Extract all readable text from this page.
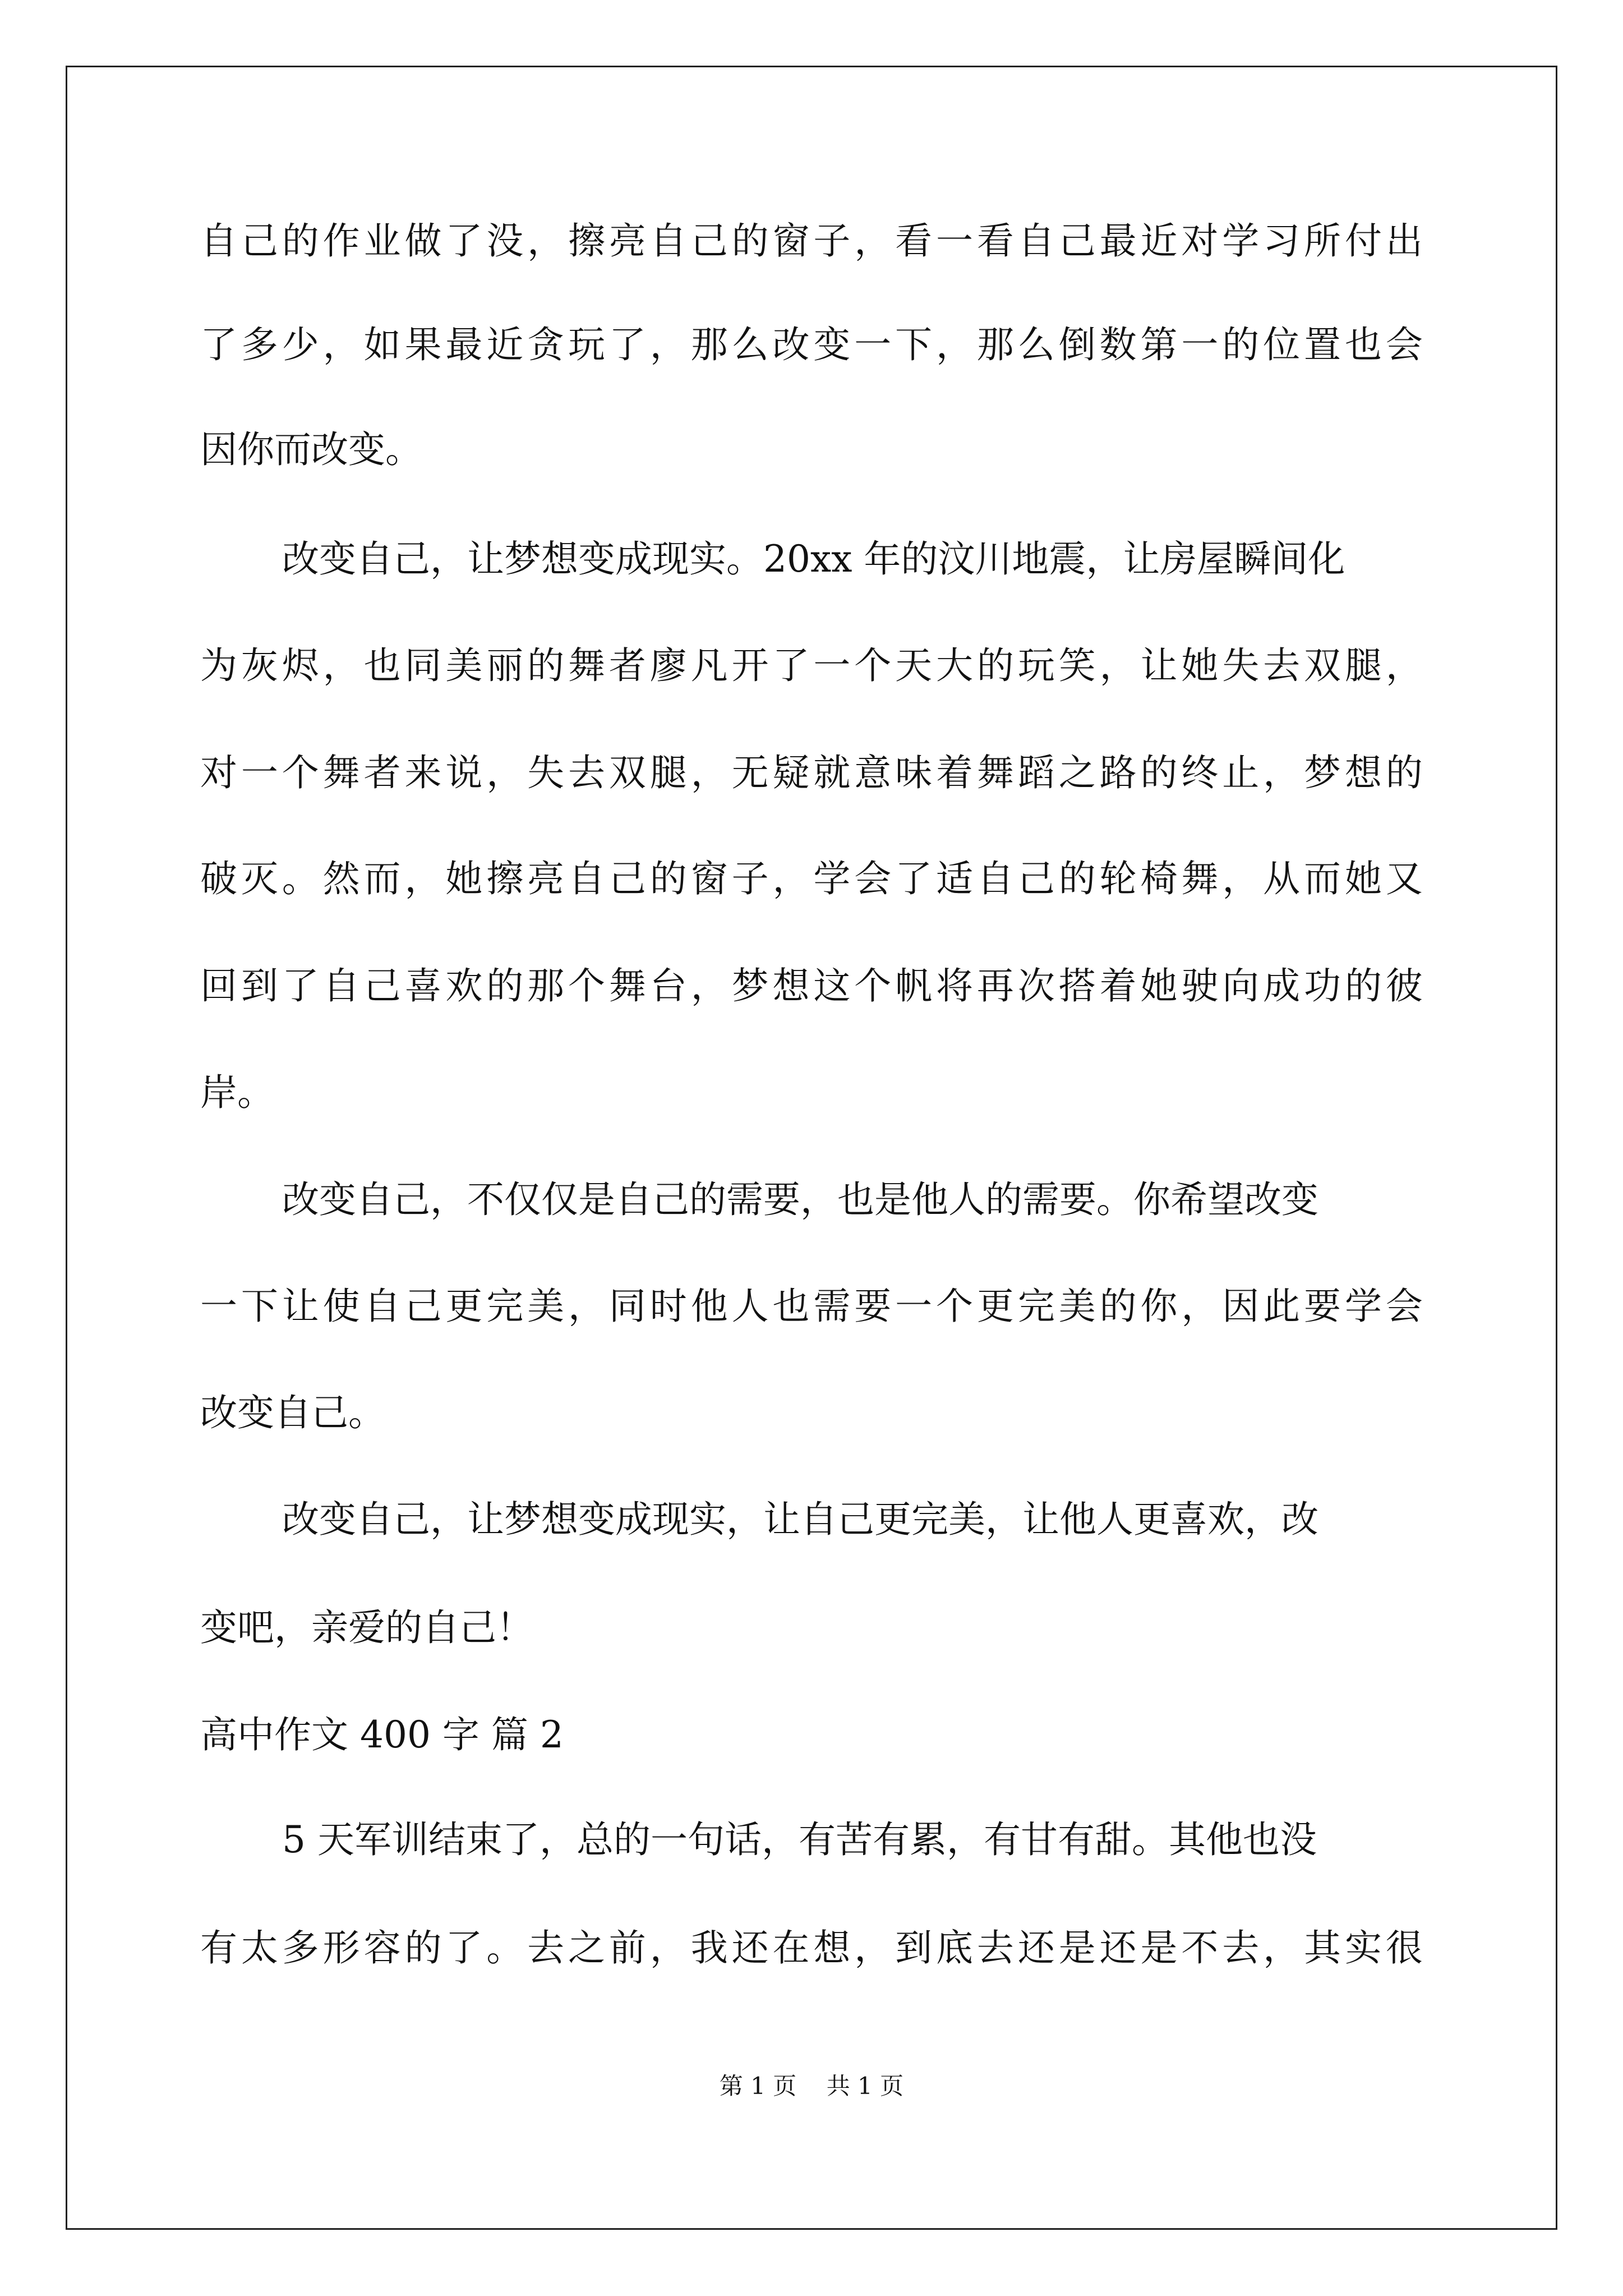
自 己 的 作 业 做 了 没 ， 擦 亮 自 己 的 窗 子 ， 看 一 看 自 己 最 近 对 学 习 所 付 出
了 多 少 ， 如 果 最 近 贪 玩 了 ， 那 么 改 变 一 下 ， 那 么 倒 数 第 一 的 位 置 也 会
因你而改变。
改变自己，让梦想变成现实。20xx 年的汶川地震，让房屋瞬间化
为 灰 烬 ， 也 同 美 丽 的 舞 者 廖 凡 开 了 一 个 天 大 的 玩 笑 ， 让 她 失 去 双 腿 ，
对 一 个 舞 者 来 说 ， 失 去 双 腿 ， 无 疑 就 意 味 着 舞 蹈 之 路 的 终 止 ， 梦 想 的
破 灭 。 然 而 ， 她 擦 亮 自 己 的 窗 子 ， 学 会 了 适 自 己 的 轮 椅 舞 ， 从 而 她 又
回 到 了 自 己 喜 欢 的 那 个 舞 台 ， 梦 想 这 个 帆 将 再 次 搭 着 她 驶 向 成 功 的 彼
岸。
改变自己，不仅仅是自己的需要，也是他人的需要。你希望改变
一 下 让 使 自 己 更 完 美 ， 同 时 他 人 也 需 要 一 个 更 完 美 的 你 ， 因 此 要 学 会
改变自己。
改变自己，让梦想变成现实，让自己更完美，让他人更喜欢，改
变吧，亲爱的自己！
高中作文 400 字 篇 2
5 天军训结束了，总的一句话，有苦有累，有甘有甜。其他也没
有 太 多 形 容 的 了 。 去 之 前 ， 我 还 在 想 ， 到 底 去 还 是 还 是 不 去 ， 其 实 很
第 1 页    共 1 页
